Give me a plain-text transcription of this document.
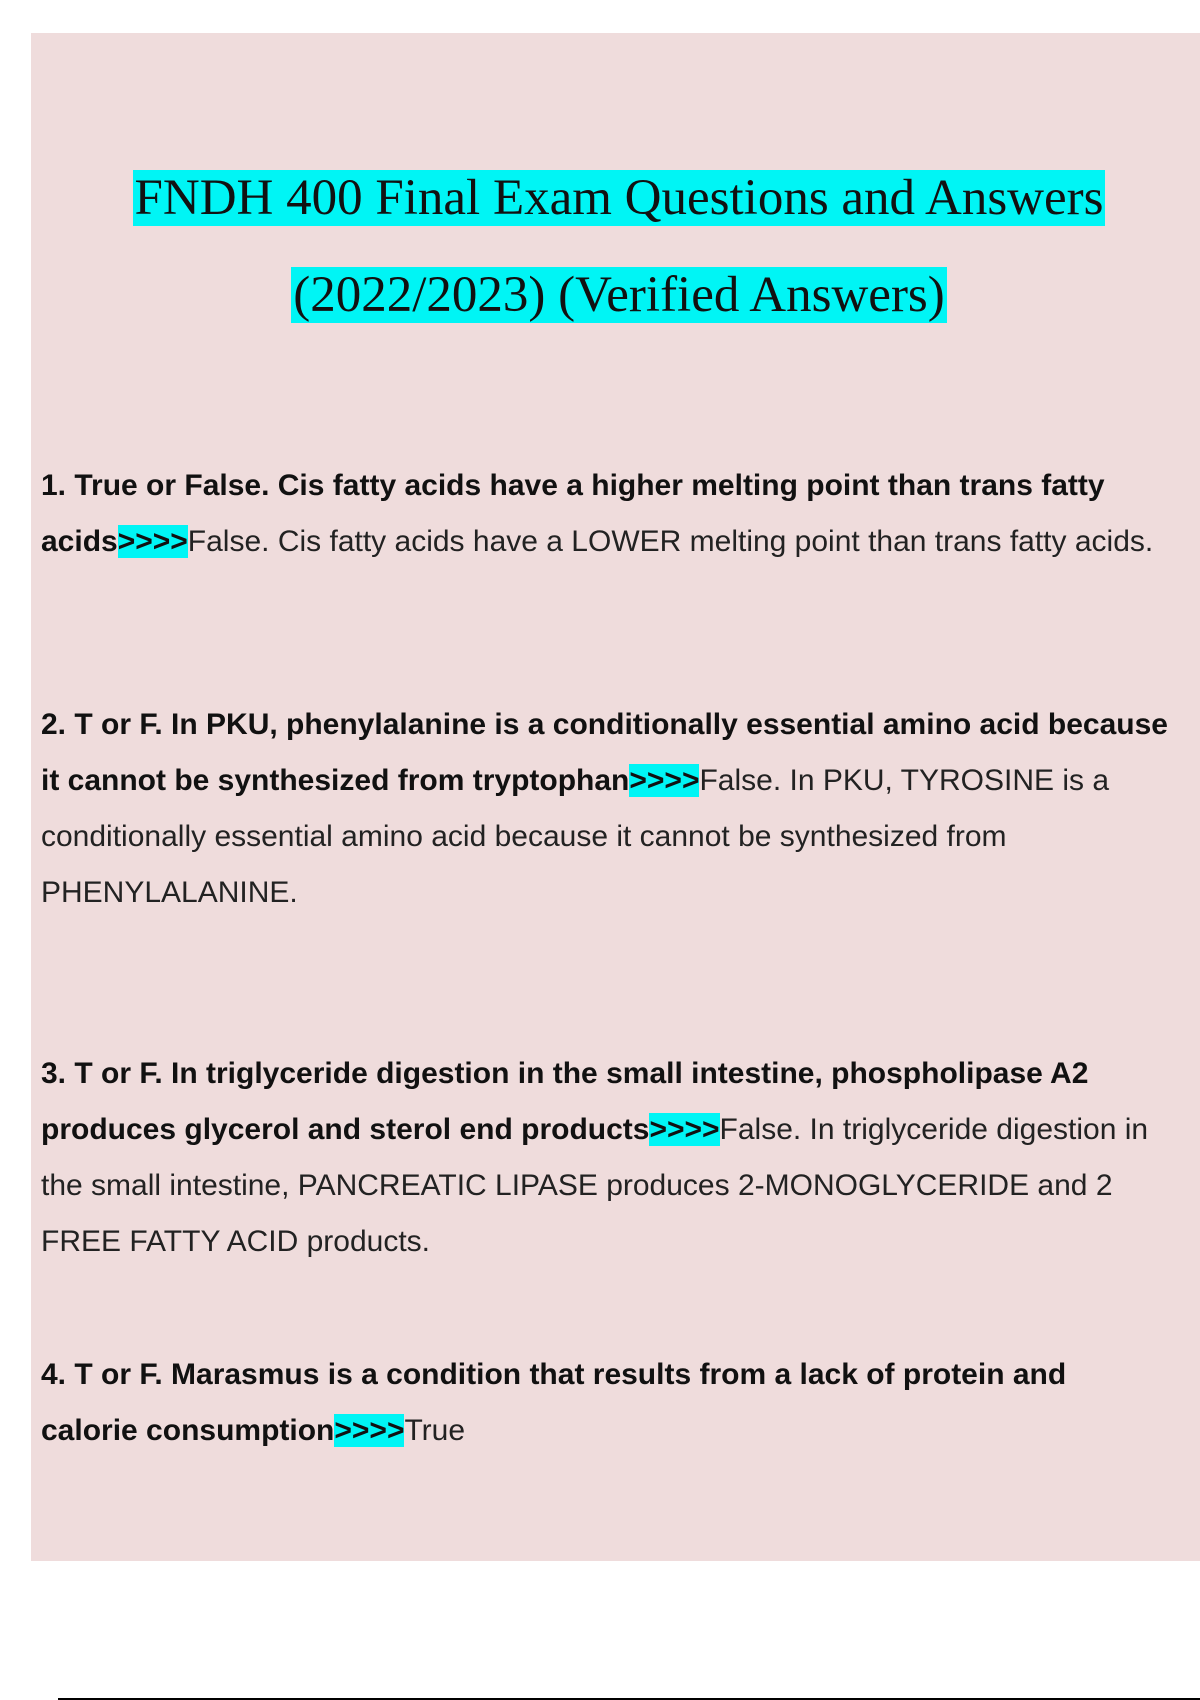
FNDH 400 Final Exam Questions and Answers
(2022/2023) (Verified Answers)

1. True or False. Cis fatty acids have a higher melting point than trans fatty acids>>>>False. Cis fatty acids have a LOWER melting point than trans fatty acids.

2. T or F. In PKU, phenylalanine is a conditionally essential amino acid because it cannot be synthesized from tryptophan>>>>False. In PKU, TYROSINE is a conditionally essential amino acid because it cannot be synthesized from PHENYLALANINE.

3. T or F. In triglyceride digestion in the small intestine, phospholipase A2 produces glycerol and sterol end products>>>>False. In triglyceride digestion in the small intestine, PANCREATIC LIPASE produces 2-MONOGLYCERIDE and 2 FREE FATTY ACID products.

4. T or F. Marasmus is a condition that results from a lack of protein and calorie consumption>>>>True
